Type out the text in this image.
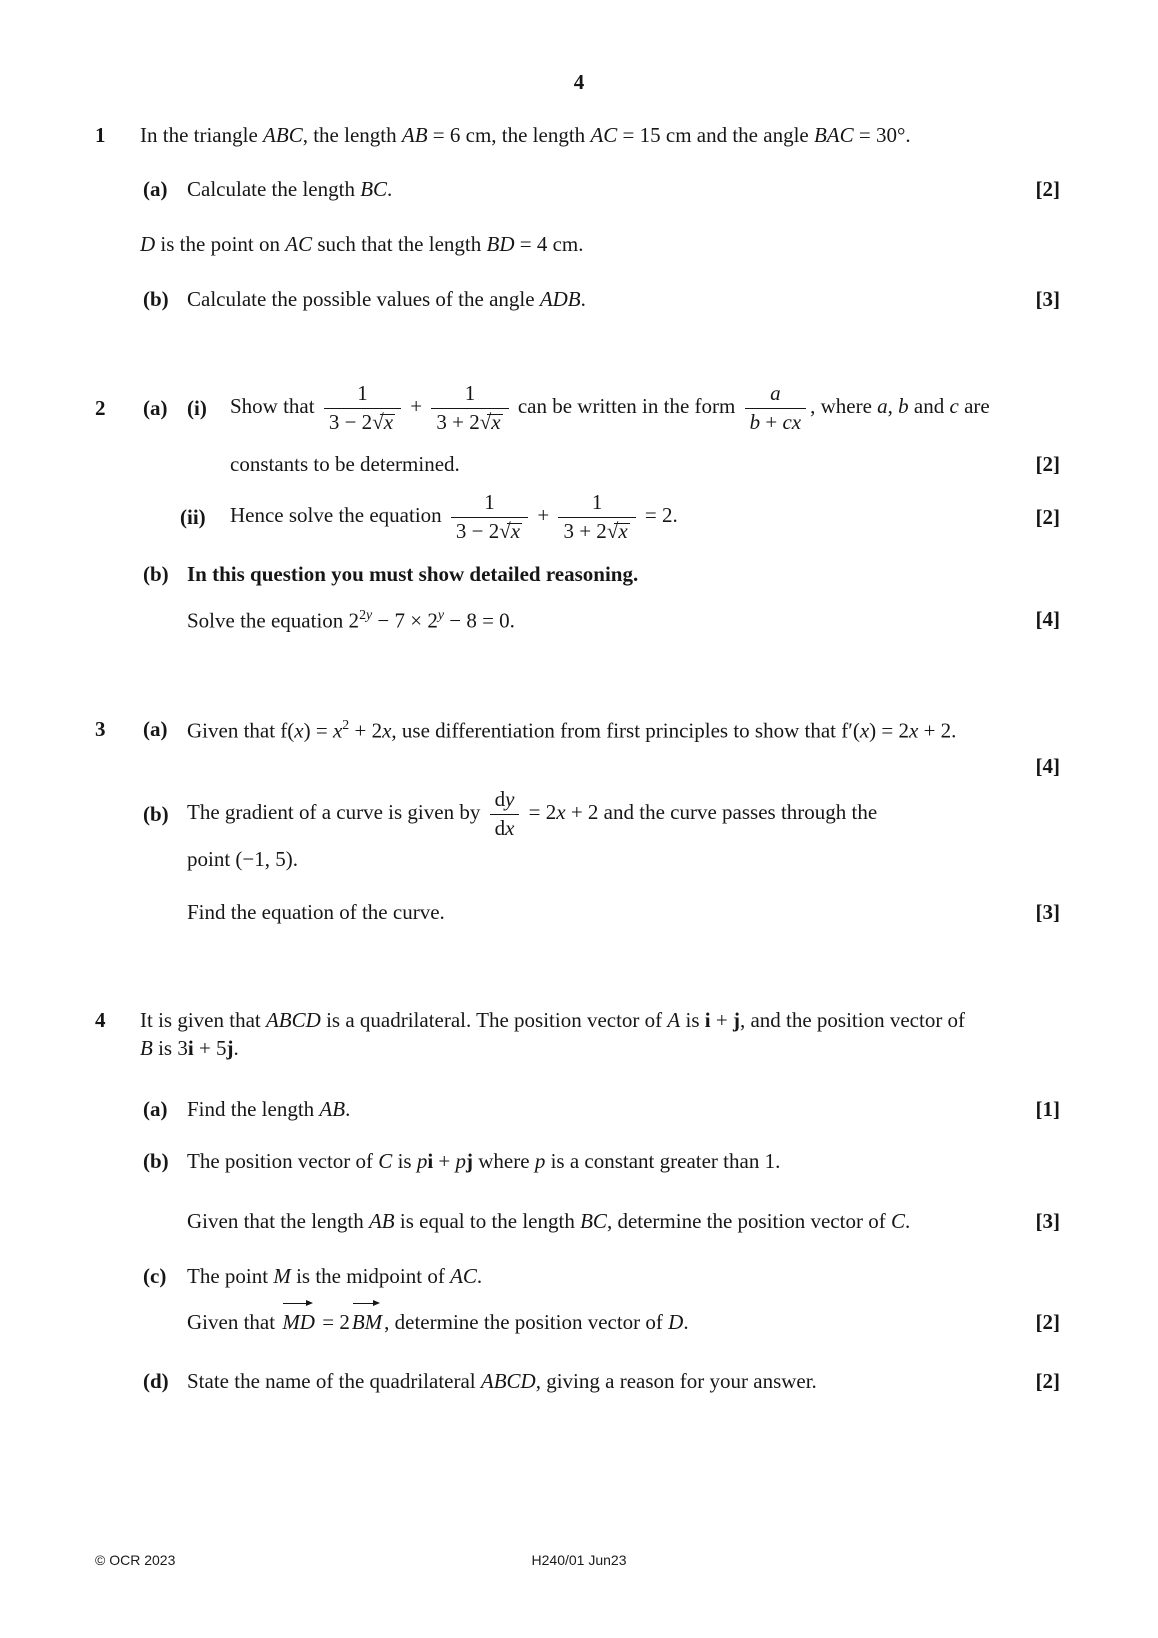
4
1 In the triangle ABC, the length AB = 6 cm, the length AC = 15 cm and the angle BAC = 30°.
(a) Calculate the length BC.	[2]
D is the point on AC such that the length BD = 4 cm.
(b) Calculate the possible values of the angle ADB.	[3]
2 (a) (i) Show that $\frac{1}{3 - 2√x} + \frac{1}{3 + 2√x}$ can be written in the form $\frac{a}{b + cx}$ , where a, b and c are
constants to be determined.	[2]
(ii) Hence solve the equation $\frac{1}{3 - 2√x} + \frac{1}{3 + 2√x} = 2$.	[2]
(b) In this question you must show detailed reasoning.
Solve the equation $2^{2y} - 7 \times 2^y - 8 = 0$.	[4]
3 (a) Given that $f(x) = x^2 + 2x$, use differentiation from first principles to show that f′(x) = 2x + 2.
[4]
(b) The gradient of a curve is given by $\frac{dy}{dx} = 2x + 2$ and the curve passes through the
point (−1, 5).
Find the equation of the curve.	[3]
4 It is given that ABCD is a quadrilateral. The position vector of A is i + j, and the position vector of
B is 3i + 5j.
(a) Find the length AB.	[1]
(b) The position vector of C is pi + pj where p is a constant greater than 1.
Given that the length AB is equal to the length BC, determine the position vector of C.	[3]
(c) The point M is the midpoint of AC.
Given that
MD = 2
BM, determine the position vector of D.	[2]
(d) State the name of the quadrilateral ABCD, giving a reason for your answer.	[2]
© OCR 2023	H240/01 Jun23
